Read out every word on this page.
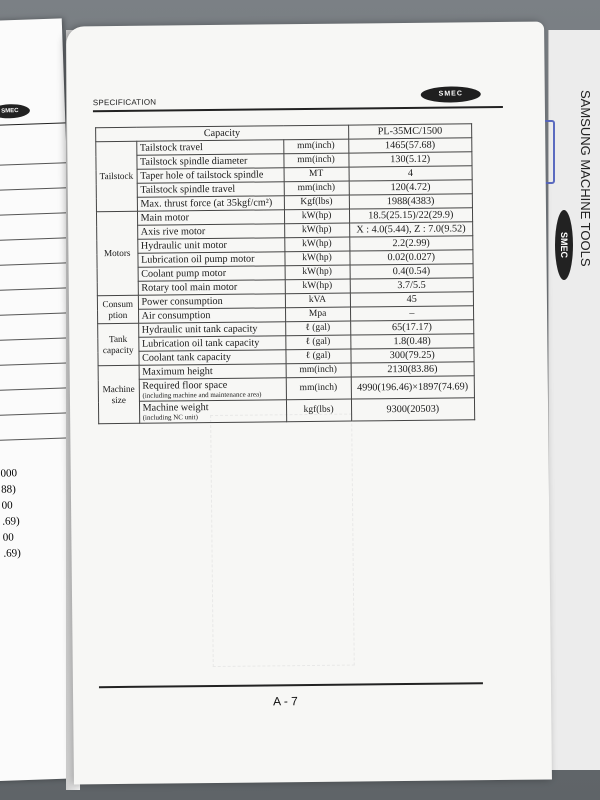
SMEC
000
88)
00
.69)
00
.69)
SMEC SAMSUNG MACHINE TOOLS
SPECIFICATION
SMEC
Capacity			PL-35MC/1500
Tailstock	Tailstock travel	mm(inch)	1465(57.68)

	Tailstock spindle diameter	mm(inch)	130(5.12)

	Taper hole of tailstock spindle	MT	4

	Tailstock spindle travel	mm(inch)	120(4.72)

	Max. thrust force (at 35kgf/cm²)	Kgf(lbs)	1988(4383)
Motors	Main motor	kW(hp)	18.5(25.15)/22(29.9)

	Axis rive motor	kW(hp)	X : 4.0(5.44), Z : 7.0(9.52)

	Hydraulic unit motor	kW(hp)	2.2(2.99)

	Lubrication oil pump motor	kW(hp)	0.02(0.027)

	Coolant pump motor	kW(hp)	0.4(0.54)

	Rotary tool main motor	kW(hp)	3.7/5.5
Consum ption	Power consumption	kVA	45

	Air consumption	Mpa	–
Tank capacity	Hydraulic unit tank capacity	ℓ (gal)	65(17.17)

	Lubrication oil tank capacity	ℓ (gal)	1.8(0.48)

	Coolant tank capacity	ℓ (gal)	300(79.25)
Machine size	Maximum height	mm(inch)	2130(83.86)

	Required floor space
(including machine and maintenance area)	mm(inch)	4990(196.46)×1897(74.69)

	Machine weight
(including NC unit)	kgf(lbs)	9300(20503)
A - 7
